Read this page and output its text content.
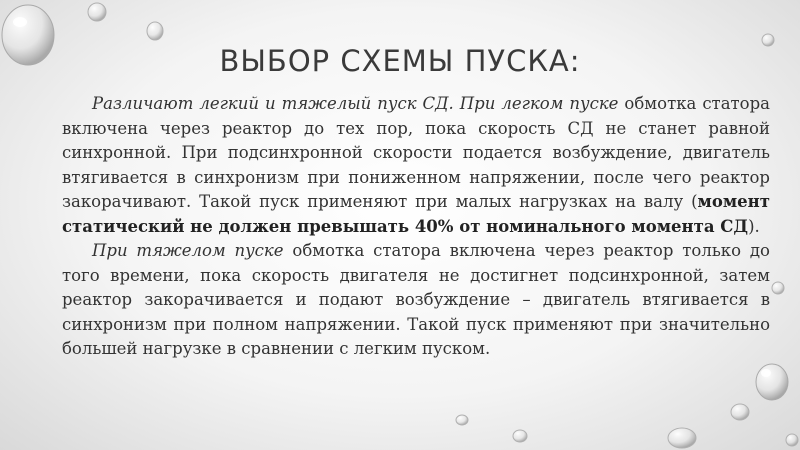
ВЫБОР СХЕМЫ ПУСКА:

Различают легкий и тяжелый пуск СД. При легком пуске обмотка статора включена через реактор до тех пор, пока скорость СД не станет равной синхронной. При подсинхронной скорости подается возбуждение, двигатель втягивается в синхронизм при пониженном напряжении, после чего реактор закорачивают. Такой пуск применяют при малых нагрузках на валу (момент статический не должен превышать 40% от номинального момента СД).

При тяжелом пуске обмотка статора включена через реактор только до того времени, пока скорость двигателя не достигнет подсинхронной, затем реактор закорачивается и подают возбуждение – двигатель втягивается в синхронизм при полном напряжении. Такой пуск применяют при значительно большей нагрузке в сравнении с легким пуском.
